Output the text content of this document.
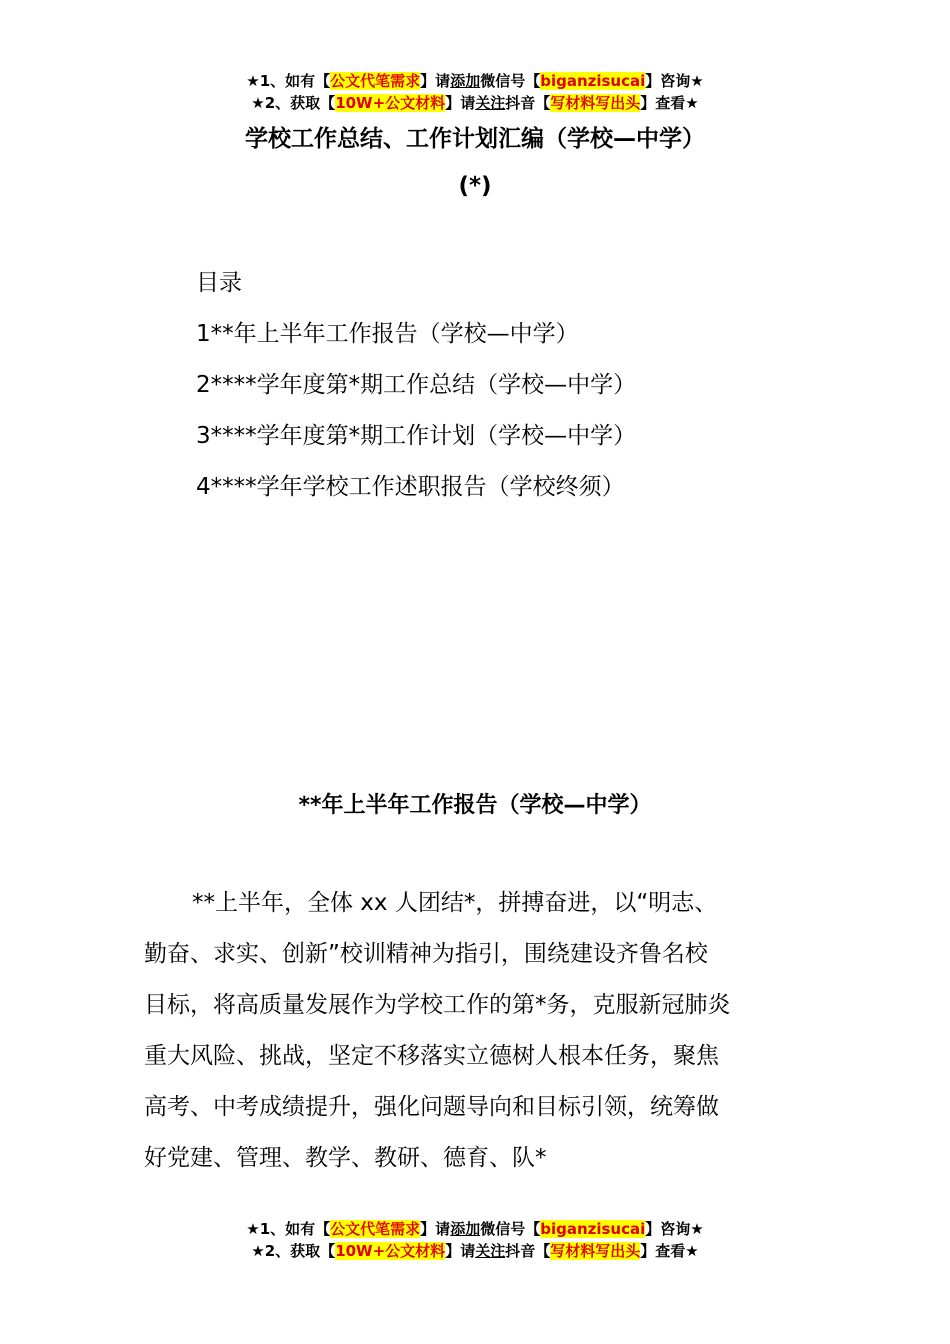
★1、如有【公文代笔需求】请添加微信号【biganzisucai】咨询★
★2、获取【10W+公文材料】请关注抖音【写材料写出头】查看★
学校工作总结、工作计划汇编（学校—中学）
(*)
目录
1**年上半年工作报告（学校—中学）
2****学年度第*期工作总结（学校—中学）
3****学年度第*期工作计划（学校—中学）
4****学年学校工作述职报告（学校终须）
**年上半年工作报告（学校—中学）
**上半年，全体 xx 人团结*，拼搏奋进，以“明志、
勤奋、求实、创新”校训精神为指引，围绕建设齐鲁名校
目标，将高质量发展作为学校工作的第*务，克服新冠肺炎
重大风险、挑战，坚定不移落实立德树人根本任务，聚焦
高考、中考成绩提升，强化问题导向和目标引领，统筹做
好党建、管理、教学、教研、德育、队*
★1、如有【公文代笔需求】请添加微信号【biganzisucai】咨询★
★2、获取【10W+公文材料】请关注抖音【写材料写出头】查看★
